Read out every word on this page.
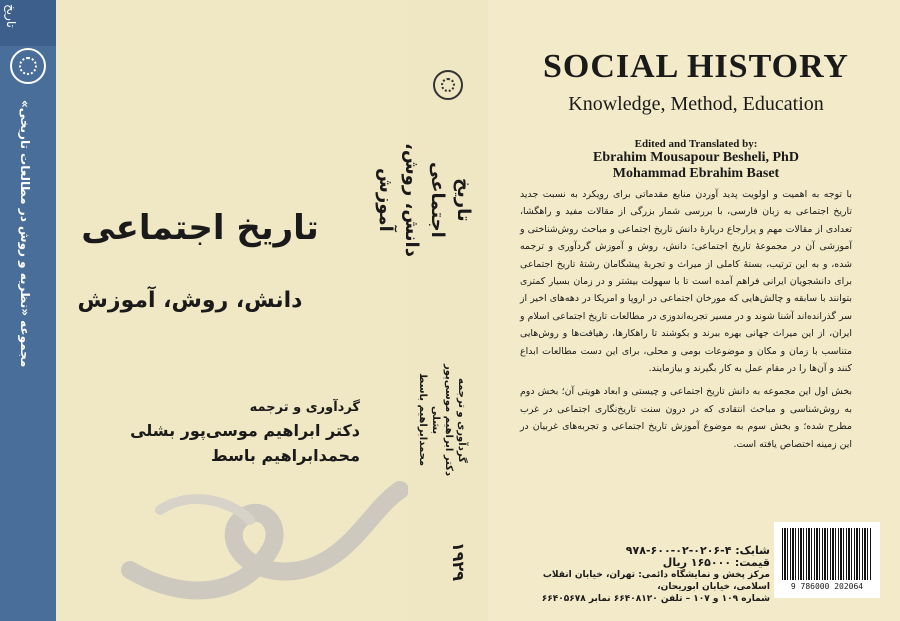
تاریخ
مجموعه «نظریه و روش در مطالعات تاریخی»	تاریخ اجتماعی
دانش، روش، آموزش
گردآوری و ترجمه
دکتر ابراهیم موسی‌پور بشلی
محمدابراهیم باسط
تاریخ اجتماعی
دانش، روش، آموزش
گردآوری و ترجمه
دکتر ابراهیم موسی‌پور بشلی
محمدابراهیم باسط
۱۹۲۹
SOCIAL HISTORY
Knowledge, Method, Education
Edited and Translated by:
Ebrahim Mousapour Besheli, PhD
Mohammad Ebrahim Baset

با توجه به اهمیت و اولویت پدید آوردن منابع مقدماتی برای رویکرد به نسبت جدید تاریخ اجتماعی به زبان فارسی، با بررسی شمار بزرگی از مقالات مفید و راهگشا، تعدادی از مقالات مهم و پرارجاع دربارهٔ دانش تاریخ اجتماعی و مباحث روش‌شناختی و آموزشی آن در مجموعهٔ تاریخ اجتماعی: دانش، روش و آموزش گردآوری و ترجمه شده، و به این ترتیب، بستهٔ کاملی از میراث و تجربهٔ پیشگامان رشتهٔ تاریخ اجتماعی برای دانشجویان ایرانی فراهم آمده است تا با سهولت بیشتر و در زمان بسیار کمتری بتوانند با سابقه و چالش‌هایی که مورخان اجتماعی در اروپا و امریکا در دهه‌های اخیر از سر گذرانده‌اند آشنا شوند و در مسیر تجربه‌اندوزی در مطالعات تاریخ اجتماعی اسلام و ایران، از این میراث جهانی بهره ببرند و بکوشند تا راهکارها، رهیافت‌ها و روش‌هایی متناسب با زمان و مکان و موضوعات بومی و محلی، برای این دست مطالعات ابداع کنند و آن‌ها را در مقام عمل به کار بگیرند و بیازمایند.

بخش اول این مجموعه به دانش تاریخ اجتماعی و چیستی و ابعاد هویتی آن؛ بخش دوم به روش‌شناسی و مباحث انتقادی که در درون سنت تاریخ‌نگاری اجتماعی در غرب مطرح شده؛ و بخش سوم به موضوع آموزش تاریخ اجتماعی و تجربه‌های غربیان در این زمینه اختصاص یافته است.

شابک: ۴-۰۲۰۶-۰۲-۶۰۰-۹۷۸
قیمت: ۱۶۵۰۰۰ ریال
مرکز پخش و نمایشگاه دائمی: تهران، خیابان انقلاب اسلامی، خیابان ابوریحان،
شماره ۱۰۹ و ۱۰۷ – تلفن ۶۶۴۰۸۱۲۰ نمابر ۶۶۴۰۵۶۷۸
9 786000 202064
